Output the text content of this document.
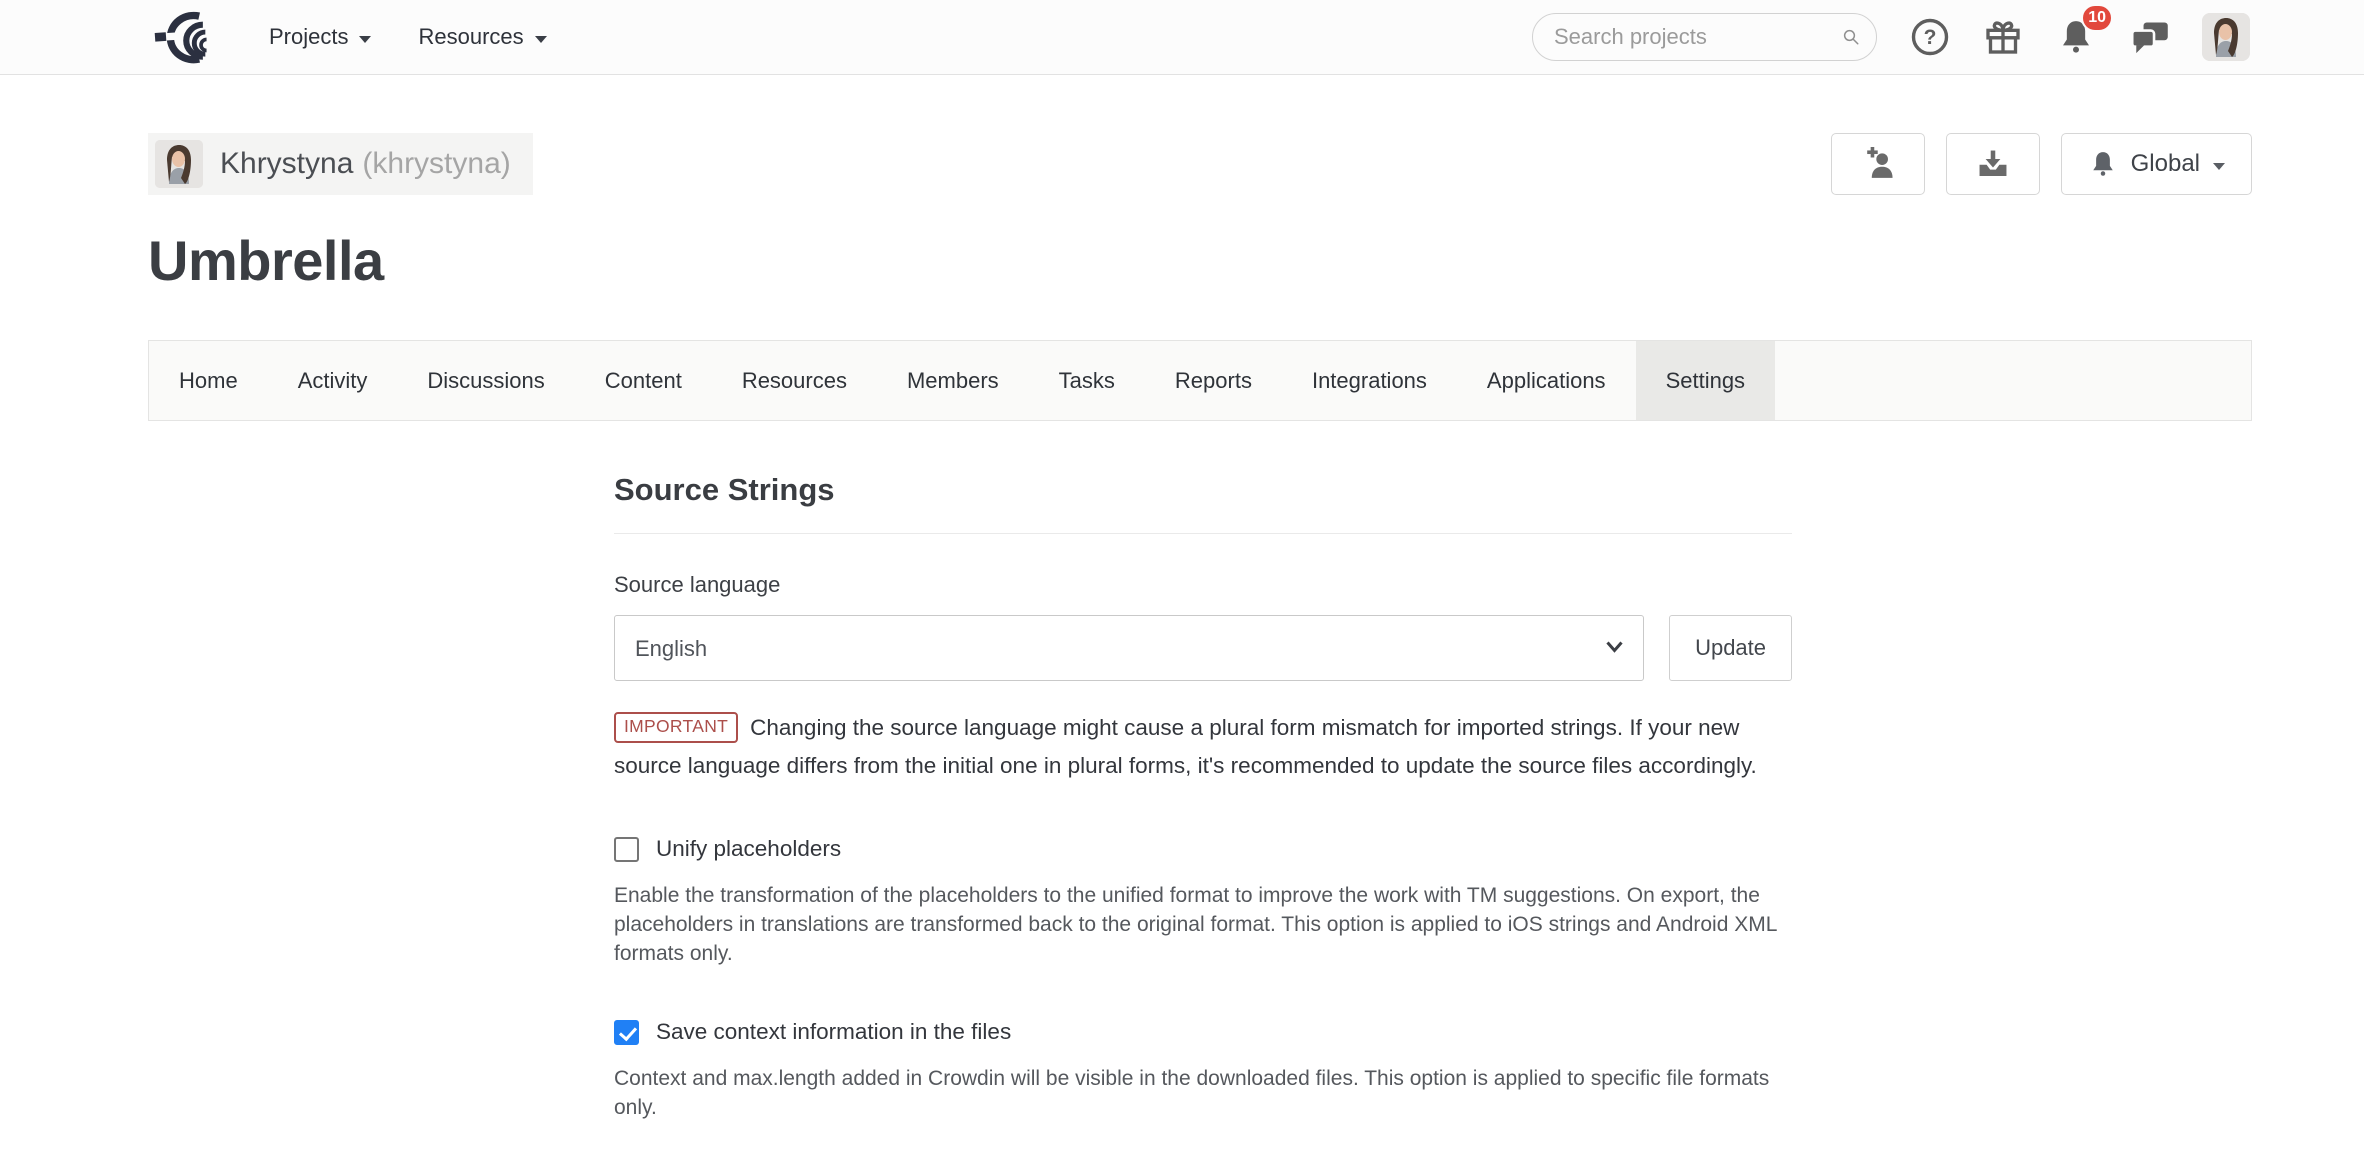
Projects	Resources
Search projects	?
10
Khrystyna (khrystyna)	Global
Umbrella
Home	Activity	Discussions	Content	Resources	Members	Tasks	Reports	Integrations	Applications	Settings
Source Strings
Source language
English
Update

IMPORTANT Changing the source language might cause a plural form mismatch for imported strings. If your new source language differs from the initial one in plural forms, it's recommended to update the source files accordingly.

Unify placeholders

Enable the transformation of the placeholders to the unified format to improve the work with TM suggestions. On export, the placeholders in translations are transformed back to the original format. This option is applied to iOS strings and Android XML formats only.

Save context information in the files

Context and max.length added in Crowdin will be visible in the downloaded files. This option is applied to specific file formats only.
